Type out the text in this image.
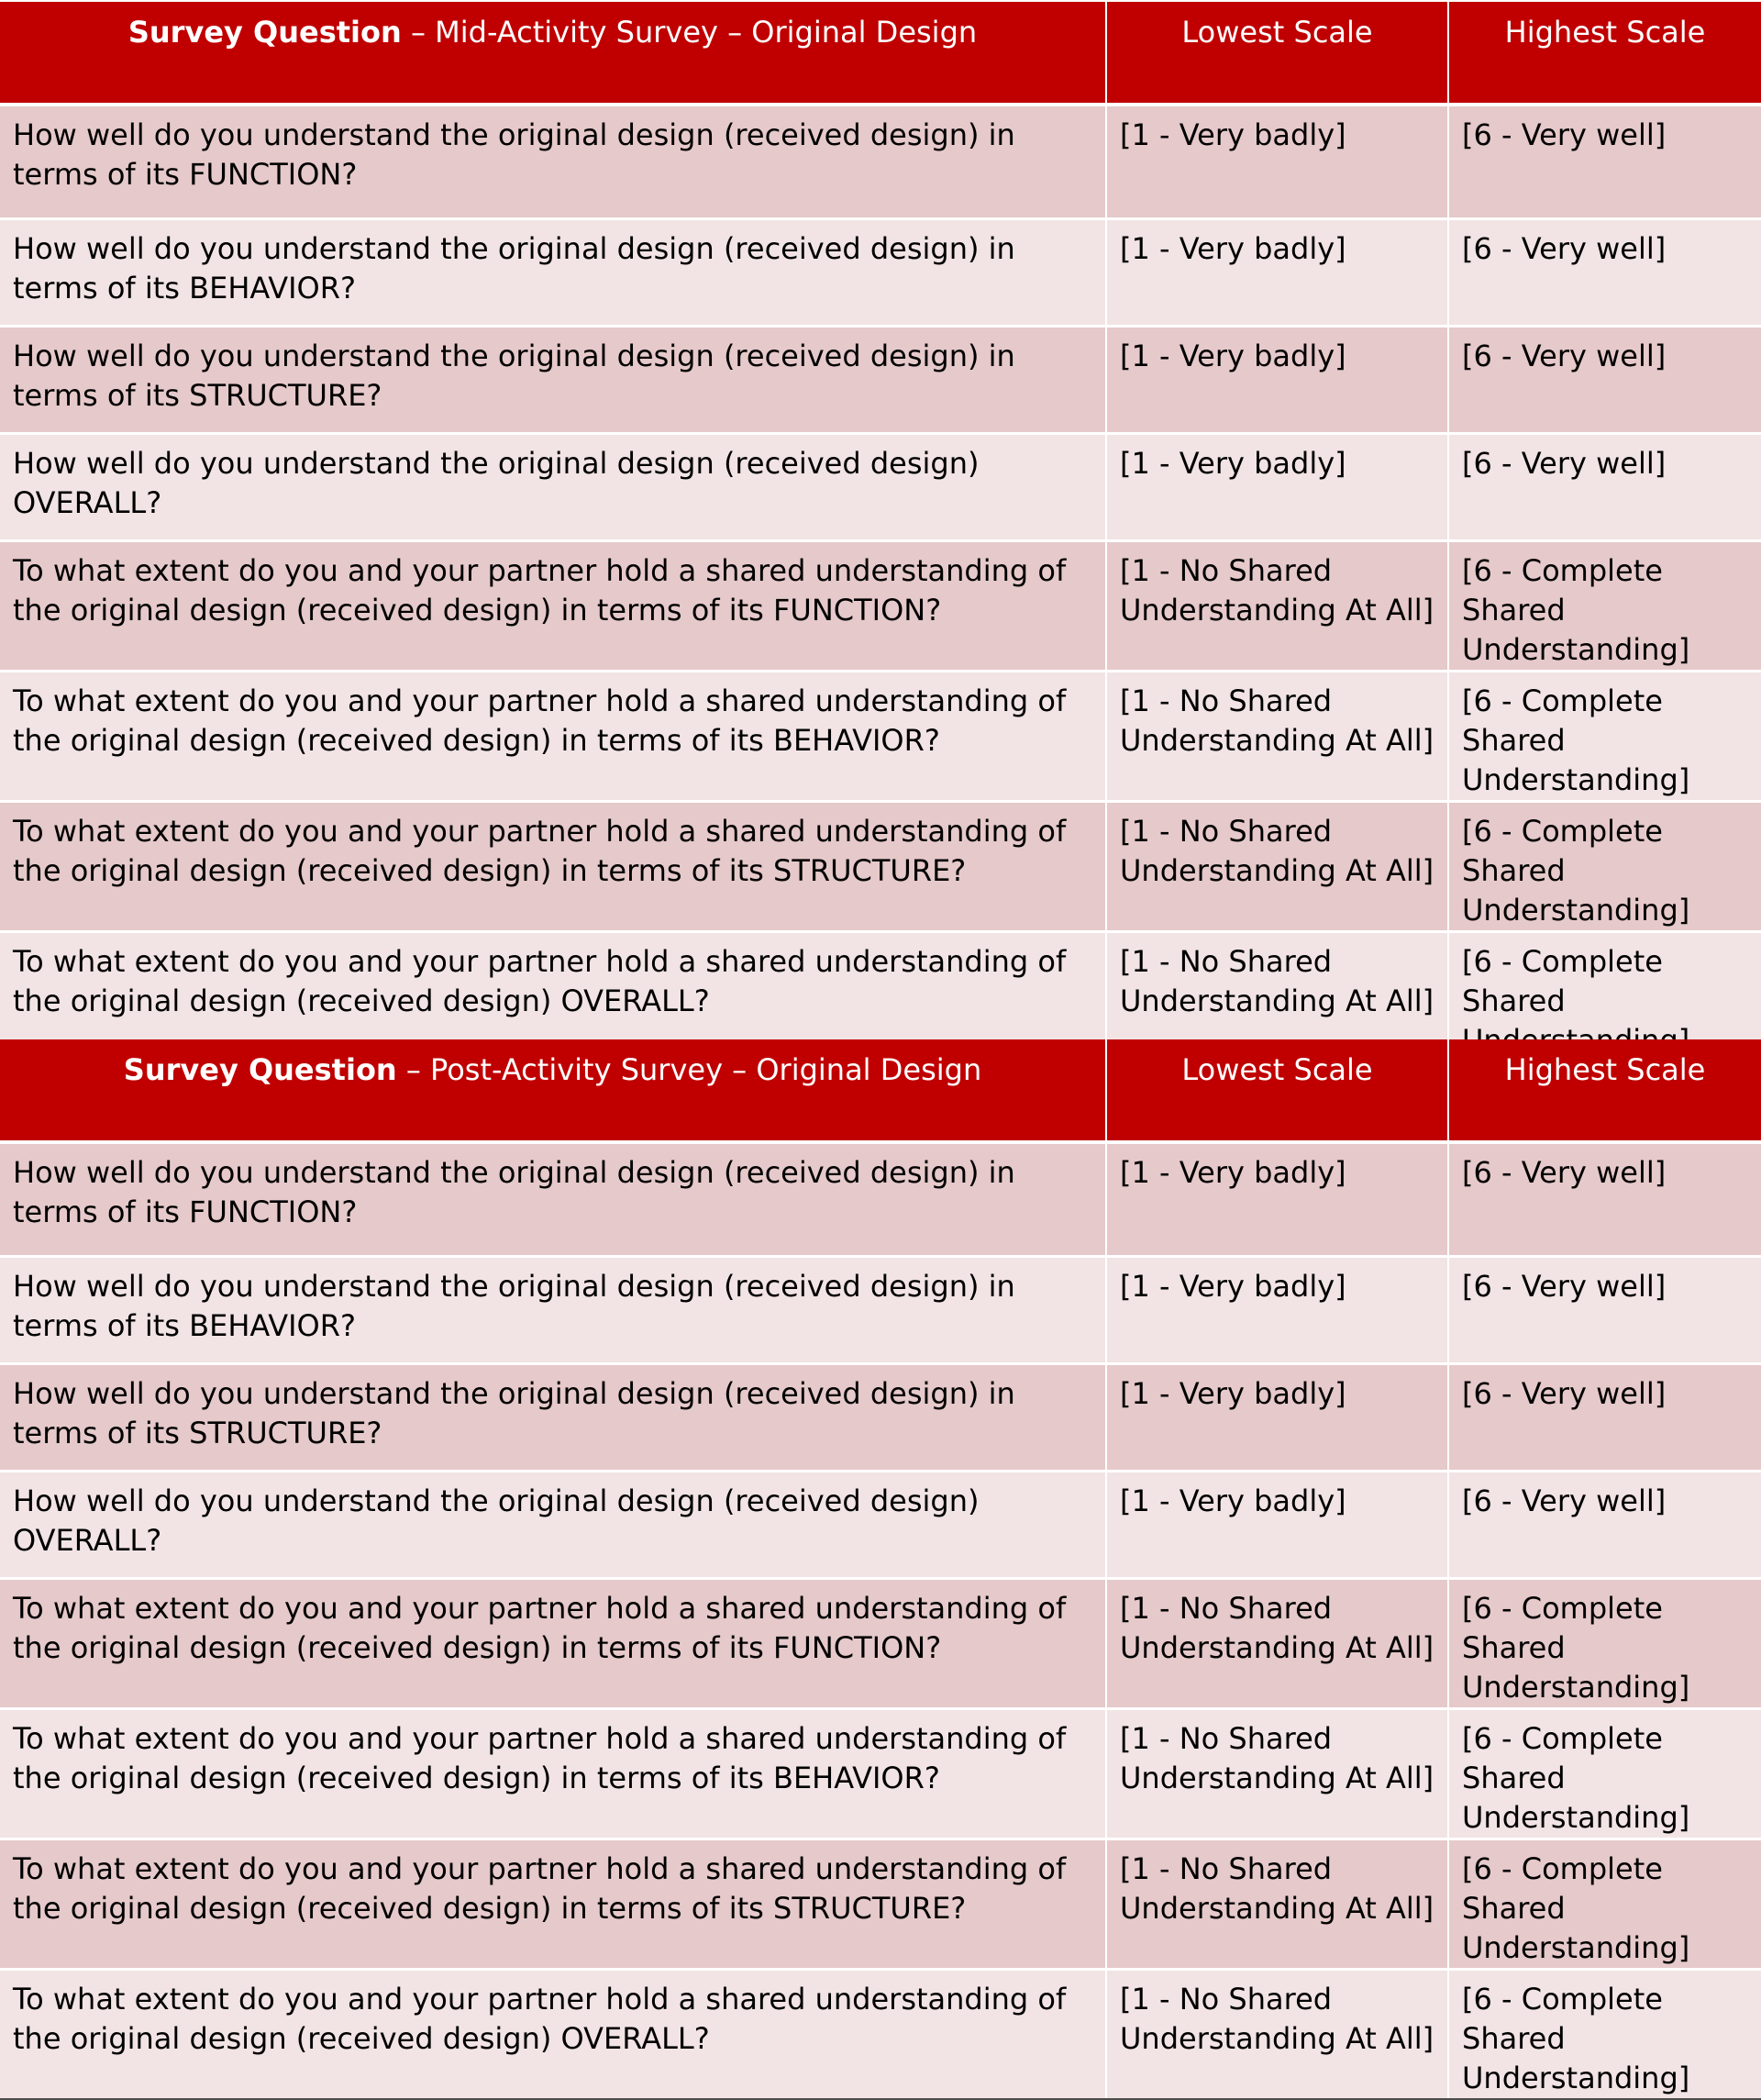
Survey Question – Mid-Activity Survey – Original Design	Lowest Scale	Highest Scale
How well do you understand the original design (received design) in terms of its FUNCTION?	[1 - Very badly]	[6 - Very well]
How well do you understand the original design (received design) in terms of its BEHAVIOR?	[1 - Very badly]	[6 - Very well]
How well do you understand the original design (received design) in terms of its STRUCTURE?	[1 - Very badly]	[6 - Very well]
How well do you understand the original design (received design) OVERALL?	[1 - Very badly]	[6 - Very well]
To what extent do you and your partner hold a shared understanding of the original design (received design) in terms of its FUNCTION?	[1 - No Shared Understanding At All]	[6 - Complete Shared Understanding]
To what extent do you and your partner hold a shared understanding of the original design (received design) in terms of its BEHAVIOR?	[1 - No Shared Understanding At All]	[6 - Complete Shared Understanding]
To what extent do you and your partner hold a shared understanding of the original design (received design) in terms of its STRUCTURE?	[1 - No Shared Understanding At All]	[6 - Complete Shared Understanding]
To what extent do you and your partner hold a shared understanding of the original design (received design) OVERALL?	[1 - No Shared Understanding At All]	[6 - Complete Shared
Survey Question – Post-Activity Survey – Original Design	Lowest Scale	Highest Scale
How well do you understand the original design (received design) in terms of its FUNCTION?	[1 - Very badly]	[6 - Very well]
How well do you understand the original design (received design) in terms of its BEHAVIOR?	[1 - Very badly]	[6 - Very well]
How well do you understand the original design (received design) in terms of its STRUCTURE?	[1 - Very badly]	[6 - Very well]
How well do you understand the original design (received design) OVERALL?	[1 - Very badly]	[6 - Very well]
To what extent do you and your partner hold a shared understanding of the original design (received design) in terms of its FUNCTION?	[1 - No Shared Understanding At All]	[6 - Complete Shared Understanding]
To what extent do you and your partner hold a shared understanding of the original design (received design) in terms of its BEHAVIOR?	[1 - No Shared Understanding At All]	[6 - Complete Shared Understanding]
To what extent do you and your partner hold a shared understanding of the original design (received design) in terms of its STRUCTURE?	[1 - No Shared Understanding At All]	[6 - Complete Shared Understanding]
To what extent do you and your partner hold a shared understanding of the original design (received design) OVERALL?	[1 - No Shared Understanding At All]	[6 - Complete Shared Understanding]
